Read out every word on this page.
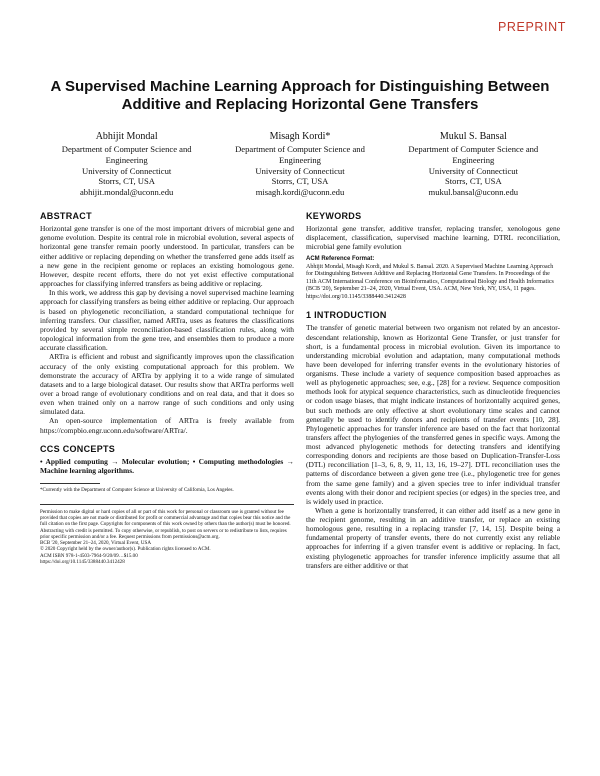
PREPRINT
A Supervised Machine Learning Approach for Distinguishing Between Additive and Replacing Horizontal Gene Transfers
Abhijit Mondal
Department of Computer Science and Engineering
University of Connecticut
Storrs, CT, USA
abhijit.mondal@uconn.edu
Misagh Kordi*
Department of Computer Science and Engineering
University of Connecticut
Storrs, CT, USA
misagh.kordi@uconn.edu
Mukul S. Bansal
Department of Computer Science and Engineering
University of Connecticut
Storrs, CT, USA
mukul.bansal@uconn.edu
ABSTRACT

Horizontal gene transfer is one of the most important drivers of microbial gene and genome evolution. Despite its central role in microbial evolution, several aspects of horizontal gene transfer remain poorly understood. In particular, transfers can be either additive or replacing depending on whether the transferred gene adds itself as a new gene in the recipient genome or replaces an existing homologous gene. However, despite recent efforts, there do not yet exist effective computational approaches for classifying inferred transfers as being additive or replacing.

In this work, we address this gap by devising a novel supervised machine learning approach for classifying transfers as being either additive or replacing. Our approach is based on phylogenetic reconciliation, a standard computational technique for inferring transfers. Our classifier, named ARTra, uses as features the classifications provided by several simple reconciliation-based classification rules, along with topological information from the gene tree, and ensembles them to produce a more accurate classification.

ARTra is efficient and robust and significantly improves upon the classification accuracy of the only existing computational approach for this problem. We demonstrate the accuracy of ARTra by applying it to a wide range of simulated datasets and to a large biological dataset. Our results show that ARTra performs well over a broad range of evolutionary conditions and on real data, and that it does so even when trained only on a narrow range of such conditions and only using simulated data.

An open-source implementation of ARTra is freely available from https://compbio.engr.uconn.edu/software/ARTra/.

CCS CONCEPTS

• Applied computing → Molecular evolution; • Computing methodologies → Machine learning algorithms.

*Currently with the Department of Computer Science at University of California, Los Angeles.

Permission to make digital or hard copies of all or part of this work for personal or classroom use is granted without fee provided that copies are not made or distributed for profit or commercial advantage and that copies bear this notice and the full citation on the first page. Copyrights for components of this work owned by others than the author(s) must be honored. Abstracting with credit is permitted. To copy otherwise, or republish, to post on servers or to redistribute to lists, requires prior specific permission and/or a fee. Request permissions from permissions@acm.org.

BCB '20, September 21–24, 2020, Virtual Event, USA

© 2020 Copyright held by the owner/author(s). Publication rights licensed to ACM.

ACM ISBN 978-1-4503-7964-9/20/09…$15.00

https://doi.org/10.1145/3388440.3412428

KEYWORDS

Horizontal gene transfer, additive transfer, replacing transfer, xenologous gene displacement, classification, supervised machine learning, DTRL reconciliation, microbial gene family evolution

ACM Reference Format:

Abhijit Mondal, Misagh Kordi, and Mukul S. Bansal. 2020. A Supervised Machine Learning Approach for Distinguishing Between Additive and Replacing Horizontal Gene Transfers. In Proceedings of the 11th ACM International Conference on Bioinformatics, Computational Biology and Health Informatics (BCB '20), September 21–24, 2020, Virtual Event, USA. ACM, New York, NY, USA, 11 pages. https://doi.org/10.1145/3388440.3412428

1 INTRODUCTION

The transfer of genetic material between two organism not related by an ancestor-descendant relationship, known as Horizontal Gene Transfer, or just transfer for short, is a fundamental process in microbial evolution. Given its importance to understanding microbial evolution and adaptation, many computational methods have been developed for inferring transfer events in the evolutionary histories of organisms. These include a variety of sequence composition based approaches as well as phylogenetic approaches; see, e.g., [28] for a review. Sequence composition methods look for atypical sequence characteristics, such as dinucleotide frequencies or codon usage biases, that might indicate instances of horizontally acquired genes, but such methods are only effective at short evolutionary time scales and cannot generally be used to identify donors and recipients of transfer events [10, 28]. Phylogenetic approaches for transfer inference are based on the fact that horizontal transfers affect the phylogenies of the transferred genes in specific ways. Among the most advanced phylogenetic methods for detecting transfers and identifying corresponding donors and recipients are those based on Duplication-Transfer-Loss (DTL) reconciliation [1–3, 6, 8, 9, 11, 13, 16, 19–27]. DTL reconciliation uses the patterns of discordance between a given gene tree (i.e., phylogenetic tree for genes from the same gene family) and a given species tree to infer individual transfer events along with their donor and recipient species (or edges) in the species tree, and is widely used in practice.

When a gene is horizontally transferred, it can either add itself as a new gene in the recipient genome, resulting in an additive transfer, or replace an existing homologous gene, resulting in a replacing transfer [7, 14, 15]. Despite being a fundamental property of transfer events, there do not currently exist any reliable approaches for inferring if a given transfer event is additive or replacing. In fact, existing phylogenetic approaches for transfer inference implicitly assume that all transfers are either additive or that
